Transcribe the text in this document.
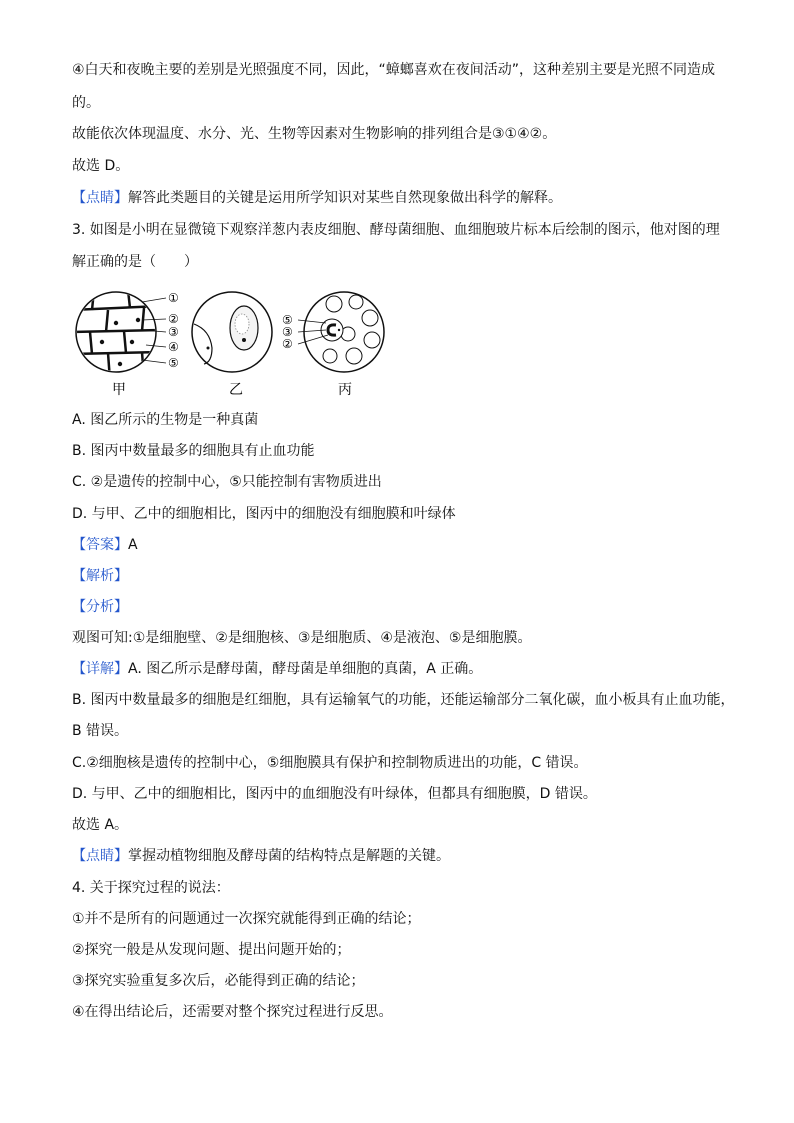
④白天和夜晚主要的差别是光照强度不同，因此，“蟑螂喜欢在夜间活动”，这种差别主要是光照不同造成
的。
故能依次体现温度、水分、光、生物等因素对生物影响的排列组合是③①④②。
故选 D。
【点睛】解答此类题目的关键是运用所学知识对某些自然现象做出科学的解释。
3. 如图是小明在显微镜下观察洋葱内表皮细胞、酵母菌细胞、血细胞玻片标本后绘制的图示，他对图的理
解正确的是（　　）
①
②
③
④
⑤
甲	乙
⑤
③
②
丙
A. 图乙所示的生物是一种真菌
B. 图丙中数量最多的细胞具有止血功能
C. ②是遗传的控制中心，⑤只能控制有害物质进出
D. 与甲、乙中的细胞相比，图丙中的细胞没有细胞膜和叶绿体
【答案】A
【解析】
【分析】
观图可知:①是细胞壁、②是细胞核、③是细胞质、④是液泡、⑤是细胞膜。
【详解】A. 图乙所示是酵母菌，酵母菌是单细胞的真菌，A 正确。
B. 图丙中数量最多的细胞是红细胞，具有运输氧气的功能，还能运输部分二氧化碳，血小板具有止血功能，
B 错误。
C.②细胞核是遗传的控制中心，⑤细胞膜具有保护和控制物质进出的功能，C 错误。
D. 与甲、乙中的细胞相比，图丙中的血细胞没有叶绿体，但都具有细胞膜，D 错误。
故选 A。
【点睛】掌握动植物细胞及酵母菌的结构特点是解题的关键。
4. 关于探究过程的说法：
①并不是所有的问题通过一次探究就能得到正确的结论；
②探究一般是从发现问题、提出问题开始的；
③探究实验重复多次后，必能得到正确的结论；
④在得出结论后，还需要对整个探究过程进行反思。
